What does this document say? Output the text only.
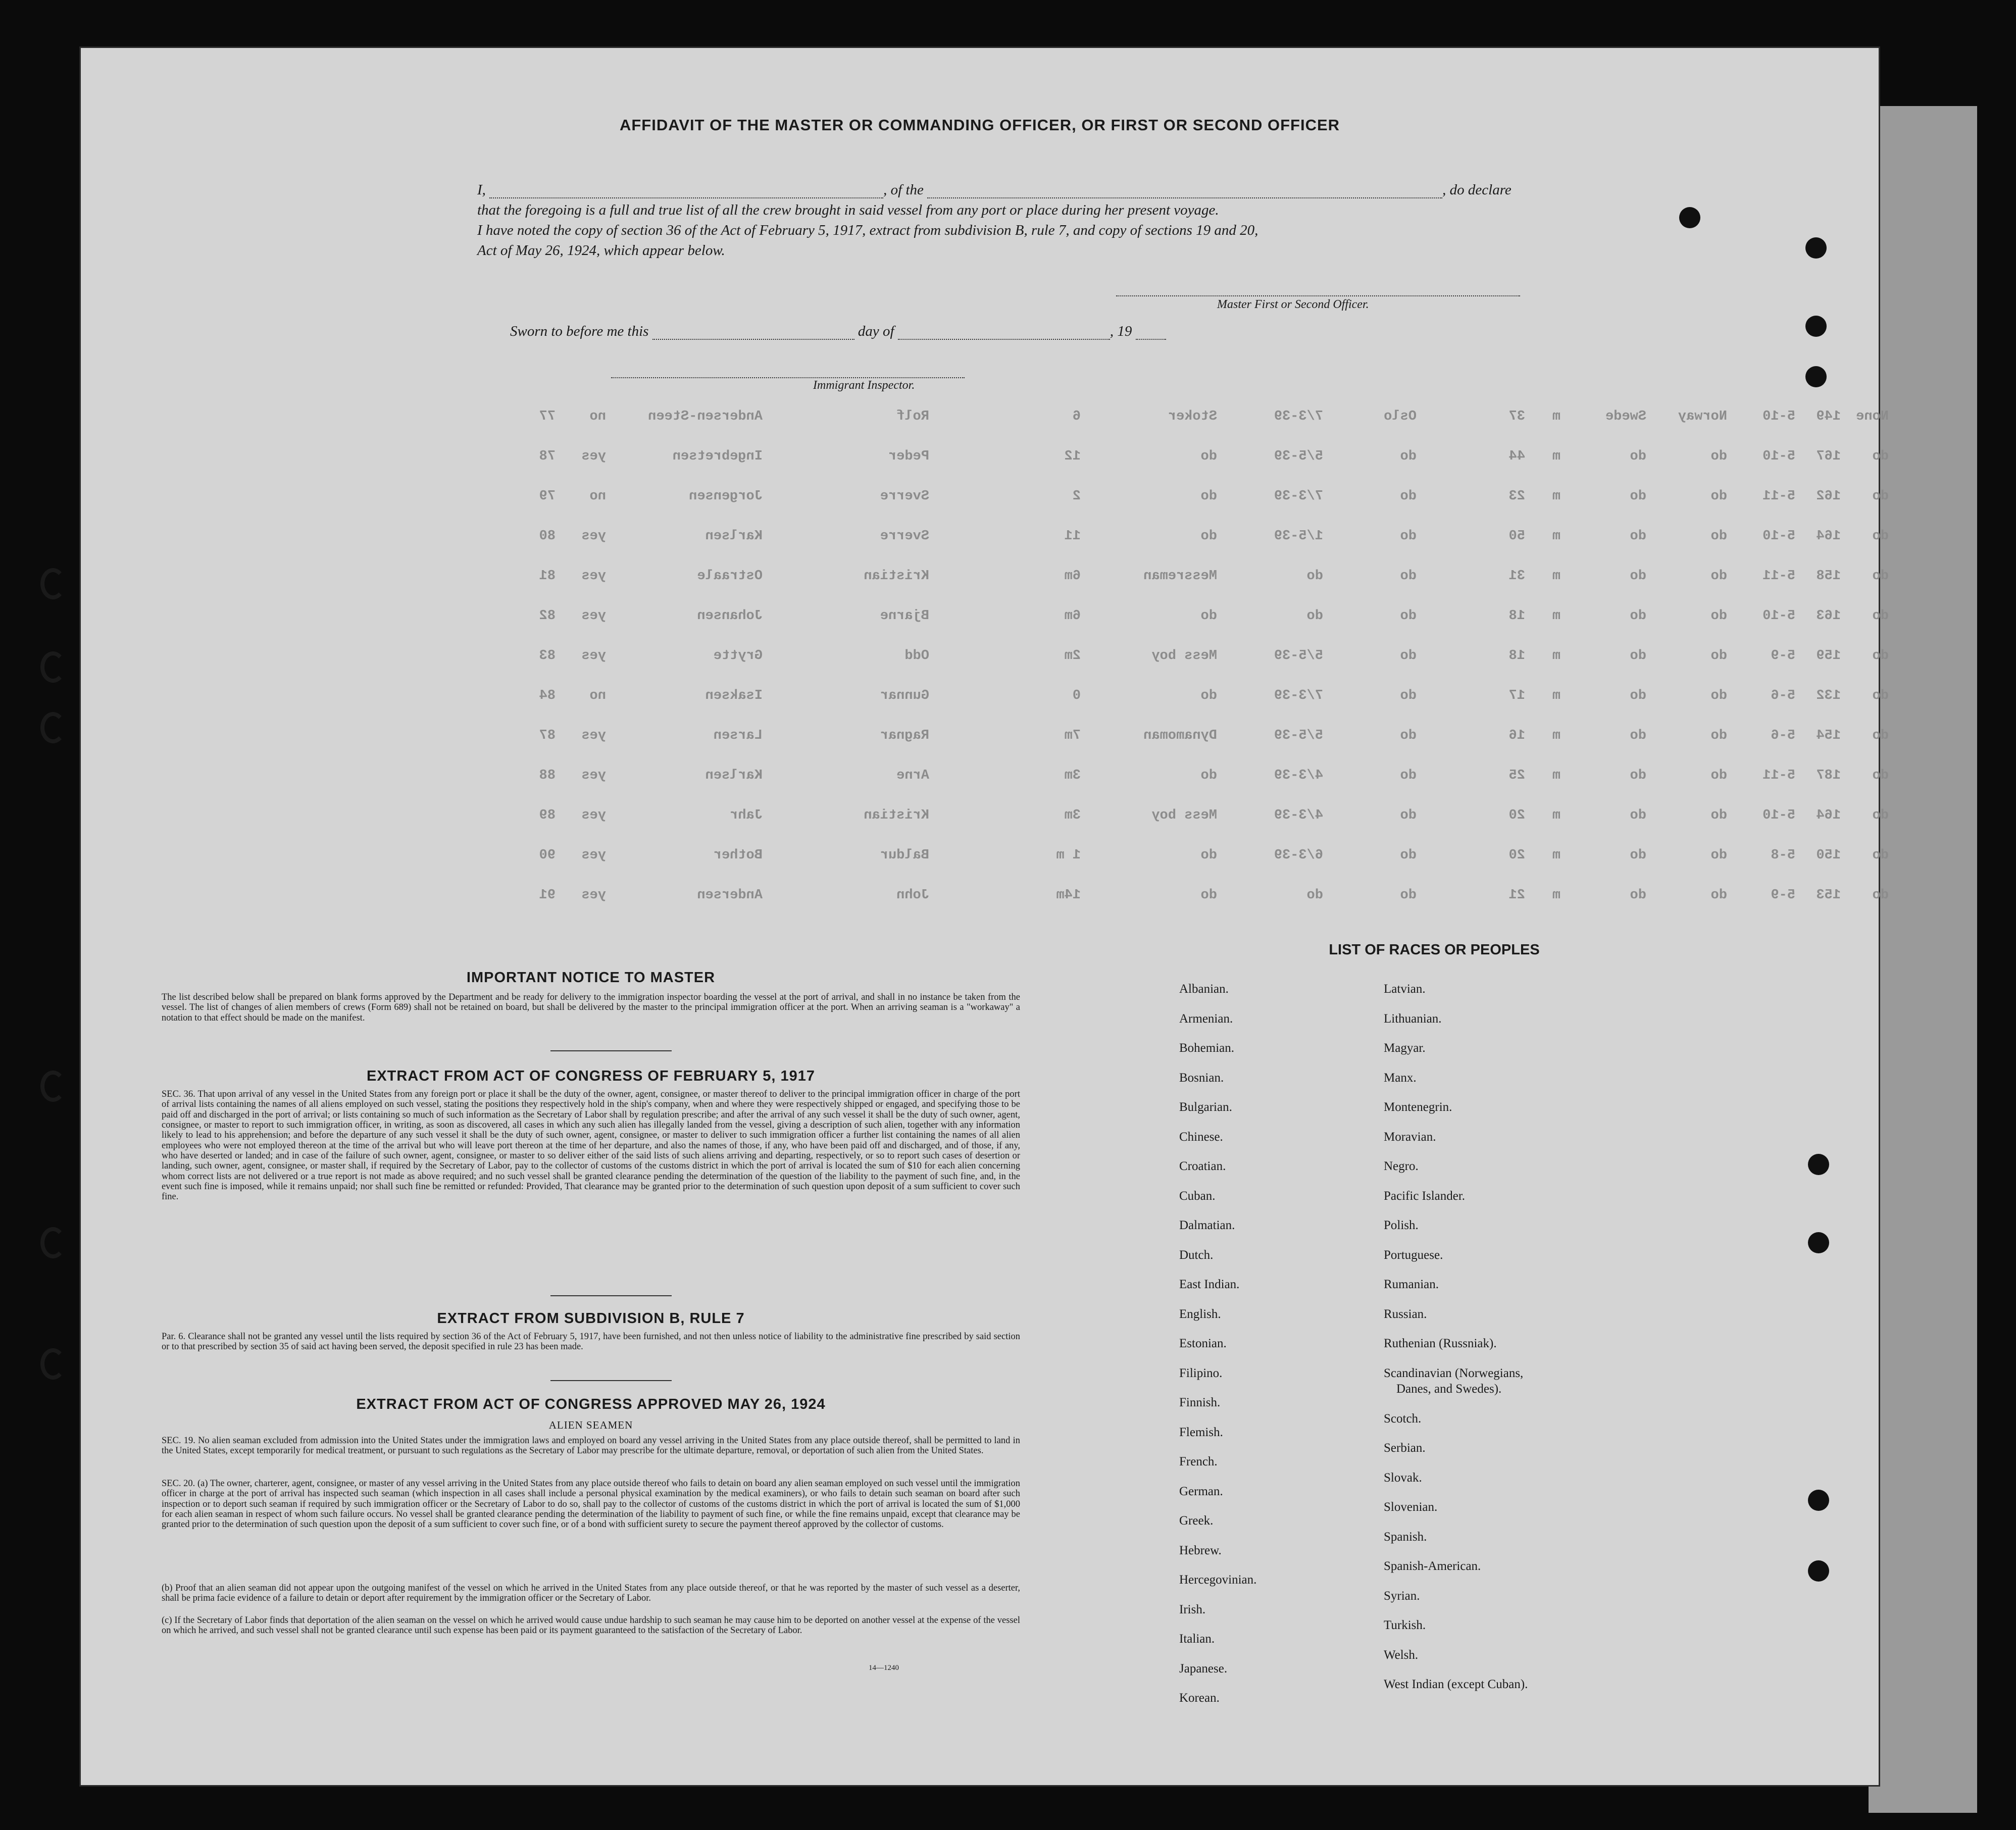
AFFIDAVIT OF THE MASTER OR COMMANDING OFFICER, OR FIRST OR SECOND OFFICER
I,	, of the	, do declare
that the foregoing is a full and true list of all the crew brought in said vessel from any port or place during her present voyage.
I have noted the copy of section 36 of the Act of February 5, 1917, extract from subdivision B, rule 7, and copy of sections 19 and 20,
Act of May 26, 1924, which appear below.
Master First or Second Officer.
Sworn to before me this	day of	, 19
Immigrant Inspector.
77	no	Andersen-Steen	Rolf	6	Stoker	7/3-39	Oslo	37 m	Swede Norway	5-10 149 None
78 yes	Ingebretsen	Peder	12	do	5/5-39	do	44 m	do	do	5-10 167 do
79	no	Jorgensen	Sverre	2	do	7/3-39	do	23 m	do	do	5-11 162 do
80 yes	Karlsen	Sverre	11	do	1/5-39	do	50 m	do	do	5-10 164 do
81 yes	Ostraale	Kristian	6m	Messreman	do	do	31 m	do	do	5-11 158 do
82 yes	Johansen	Bjarne	6m	do	do	do	18 m	do	do	5-10 163 do
83 yes	Grytte	Odd	2m	Mess boy	5/5-39	do	18 m	do	do	5-9 159 do
84	no	Isaksen	Gunnar	0	do	7/3-39	do	17 m	do	do	5-6 132 do
87 yes	Larsen	Ragnar	7m	Dynamoman	5/5-39	do	16 m	do	do	5-6 154 do
88 yes	Karlsen	Arne	3m	do	4/3-39	do	25 m	do	do	5-11 187 do
89 yes	Jahr	Kristian	3m	Mess boy	4/3-39	do	20 m	do	do	5-10 164 do
90 yes	Bother	Baldur	1 m	do	6/3-39	do	20 m	do	do	5-8 150 do
91 yes	Andersen	John	14m	do	do	do	21 m	do	do	5-9 153 do
IMPORTANT NOTICE TO MASTER
The list described below shall be prepared on blank forms approved by the Department and be ready for delivery to the immigration inspector boarding the vessel at the port of arrival, and shall in no instance be taken from the vessel. The list of changes of alien members of crews (Form 689) shall not be retained on board, but shall be delivered by the master to the principal immigration officer at the port. When an arriving seaman is a "workaway" a notation to that effect should be made on the manifest.
EXTRACT FROM ACT OF CONGRESS OF FEBRUARY 5, 1917
SEC. 36. That upon arrival of any vessel in the United States from any foreign port or place it shall be the duty of the owner, agent, consignee, or master thereof to deliver to the principal immigration officer in charge of the port of arrival lists containing the names of all aliens employed on such vessel, stating the positions they respectively hold in the ship's company, when and where they were respectively shipped or engaged, and specifying those to be paid off and discharged in the port of arrival; or lists containing so much of such information as the Secretary of Labor shall by regulation prescribe; and after the arrival of any such vessel it shall be the duty of such owner, agent, consignee, or master to report to such immigration officer, in writing, as soon as discovered, all cases in which any such alien has illegally landed from the vessel, giving a description of such alien, together with any information likely to lead to his apprehension; and before the departure of any such vessel it shall be the duty of such owner, agent, consignee, or master to deliver to such immigration officer a further list containing the names of all alien employees who were not employed thereon at the time of the arrival but who will leave port thereon at the time of her departure, and also the names of those, if any, who have been paid off and discharged, and of those, if any, who have deserted or landed; and in case of the failure of such owner, agent, consignee, or master to so deliver either of the said lists of such aliens arriving and departing, respectively, or so to report such cases of desertion or landing, such owner, agent, consignee, or master shall, if required by the Secretary of Labor, pay to the collector of customs of the customs district in which the port of arrival is located the sum of $10 for each alien concerning whom correct lists are not delivered or a true report is not made as above required; and no such vessel shall be granted clearance pending the determination of the question of the liability to the payment of such fine, and, in the event such fine is imposed, while it remains unpaid; nor shall such fine be remitted or refunded: Provided, That clearance may be granted prior to the determination of such question upon deposit of a sum sufficient to cover such fine.
EXTRACT FROM SUBDIVISION B, RULE 7
Par. 6. Clearance shall not be granted any vessel until the lists required by section 36 of the Act of February 5, 1917, have been furnished, and not then unless notice of liability to the administrative fine prescribed by said section or to that prescribed by section 35 of said act having been served, the deposit specified in rule 23 has been made.
EXTRACT FROM ACT OF CONGRESS APPROVED MAY 26, 1924
ALIEN SEAMEN
SEC. 19. No alien seaman excluded from admission into the United States under the immigration laws and employed on board any vessel arriving in the United States from any place outside thereof, shall be permitted to land in the United States, except temporarily for medical treatment, or pursuant to such regulations as the Secretary of Labor may prescribe for the ultimate departure, removal, or deportation of such alien from the United States.
SEC. 20. (a) The owner, charterer, agent, consignee, or master of any vessel arriving in the United States from any place outside thereof who fails to detain on board any alien seaman employed on such vessel until the immigration officer in charge at the port of arrival has inspected such seaman (which inspection in all cases shall include a personal physical examination by the medical examiners), or who fails to detain such seaman on board after such inspection or to deport such seaman if required by such immigration officer or the Secretary of Labor to do so, shall pay to the collector of customs of the customs district in which the port of arrival is located the sum of $1,000 for each alien seaman in respect of whom such failure occurs. No vessel shall be granted clearance pending the determination of the liability to payment of such fine, or while the fine remains unpaid, except that clearance may be granted prior to the determination of such question upon the deposit of a sum sufficient to cover such fine, or of a bond with sufficient surety to secure the payment thereof approved by the collector of customs.
(b) Proof that an alien seaman did not appear upon the outgoing manifest of the vessel on which he arrived in the United States from any place outside thereof, or that he was reported by the master of such vessel as a deserter, shall be prima facie evidence of a failure to detain or deport after requirement by the immigration officer or the Secretary of Labor.
(c) If the Secretary of Labor finds that deportation of the alien seaman on the vessel on which he arrived would cause undue hardship to such seaman he may cause him to be deported on another vessel at the expense of the vessel on which he arrived, and such vessel shall not be granted clearance until such expense has been paid or its payment guaranteed to the satisfaction of the Secretary of Labor.
14—1240
LIST OF RACES OR PEOPLES
Albanian.
Armenian.
Bohemian.
Bosnian.
Bulgarian.
Chinese.
Croatian.
Cuban.
Dalmatian.
Dutch.
East Indian.
English.
Estonian.
Filipino.
Finnish.
Flemish.
French.
German.
Greek.
Hebrew.
Hercegovinian.
Irish.
Italian.
Japanese.
Korean.
Latvian.
Lithuanian.
Magyar.
Manx.
Montenegrin.
Moravian.
Negro.
Pacific Islander.
Polish.
Portuguese.
Rumanian.
Russian.
Ruthenian (Russniak).
Scandinavian (Norwegians,
Danes, and Swedes).
Scotch.
Serbian.
Slovak.
Slovenian.
Spanish.
Spanish-American.
Syrian.
Turkish.
Welsh.
West Indian (except Cuban).
